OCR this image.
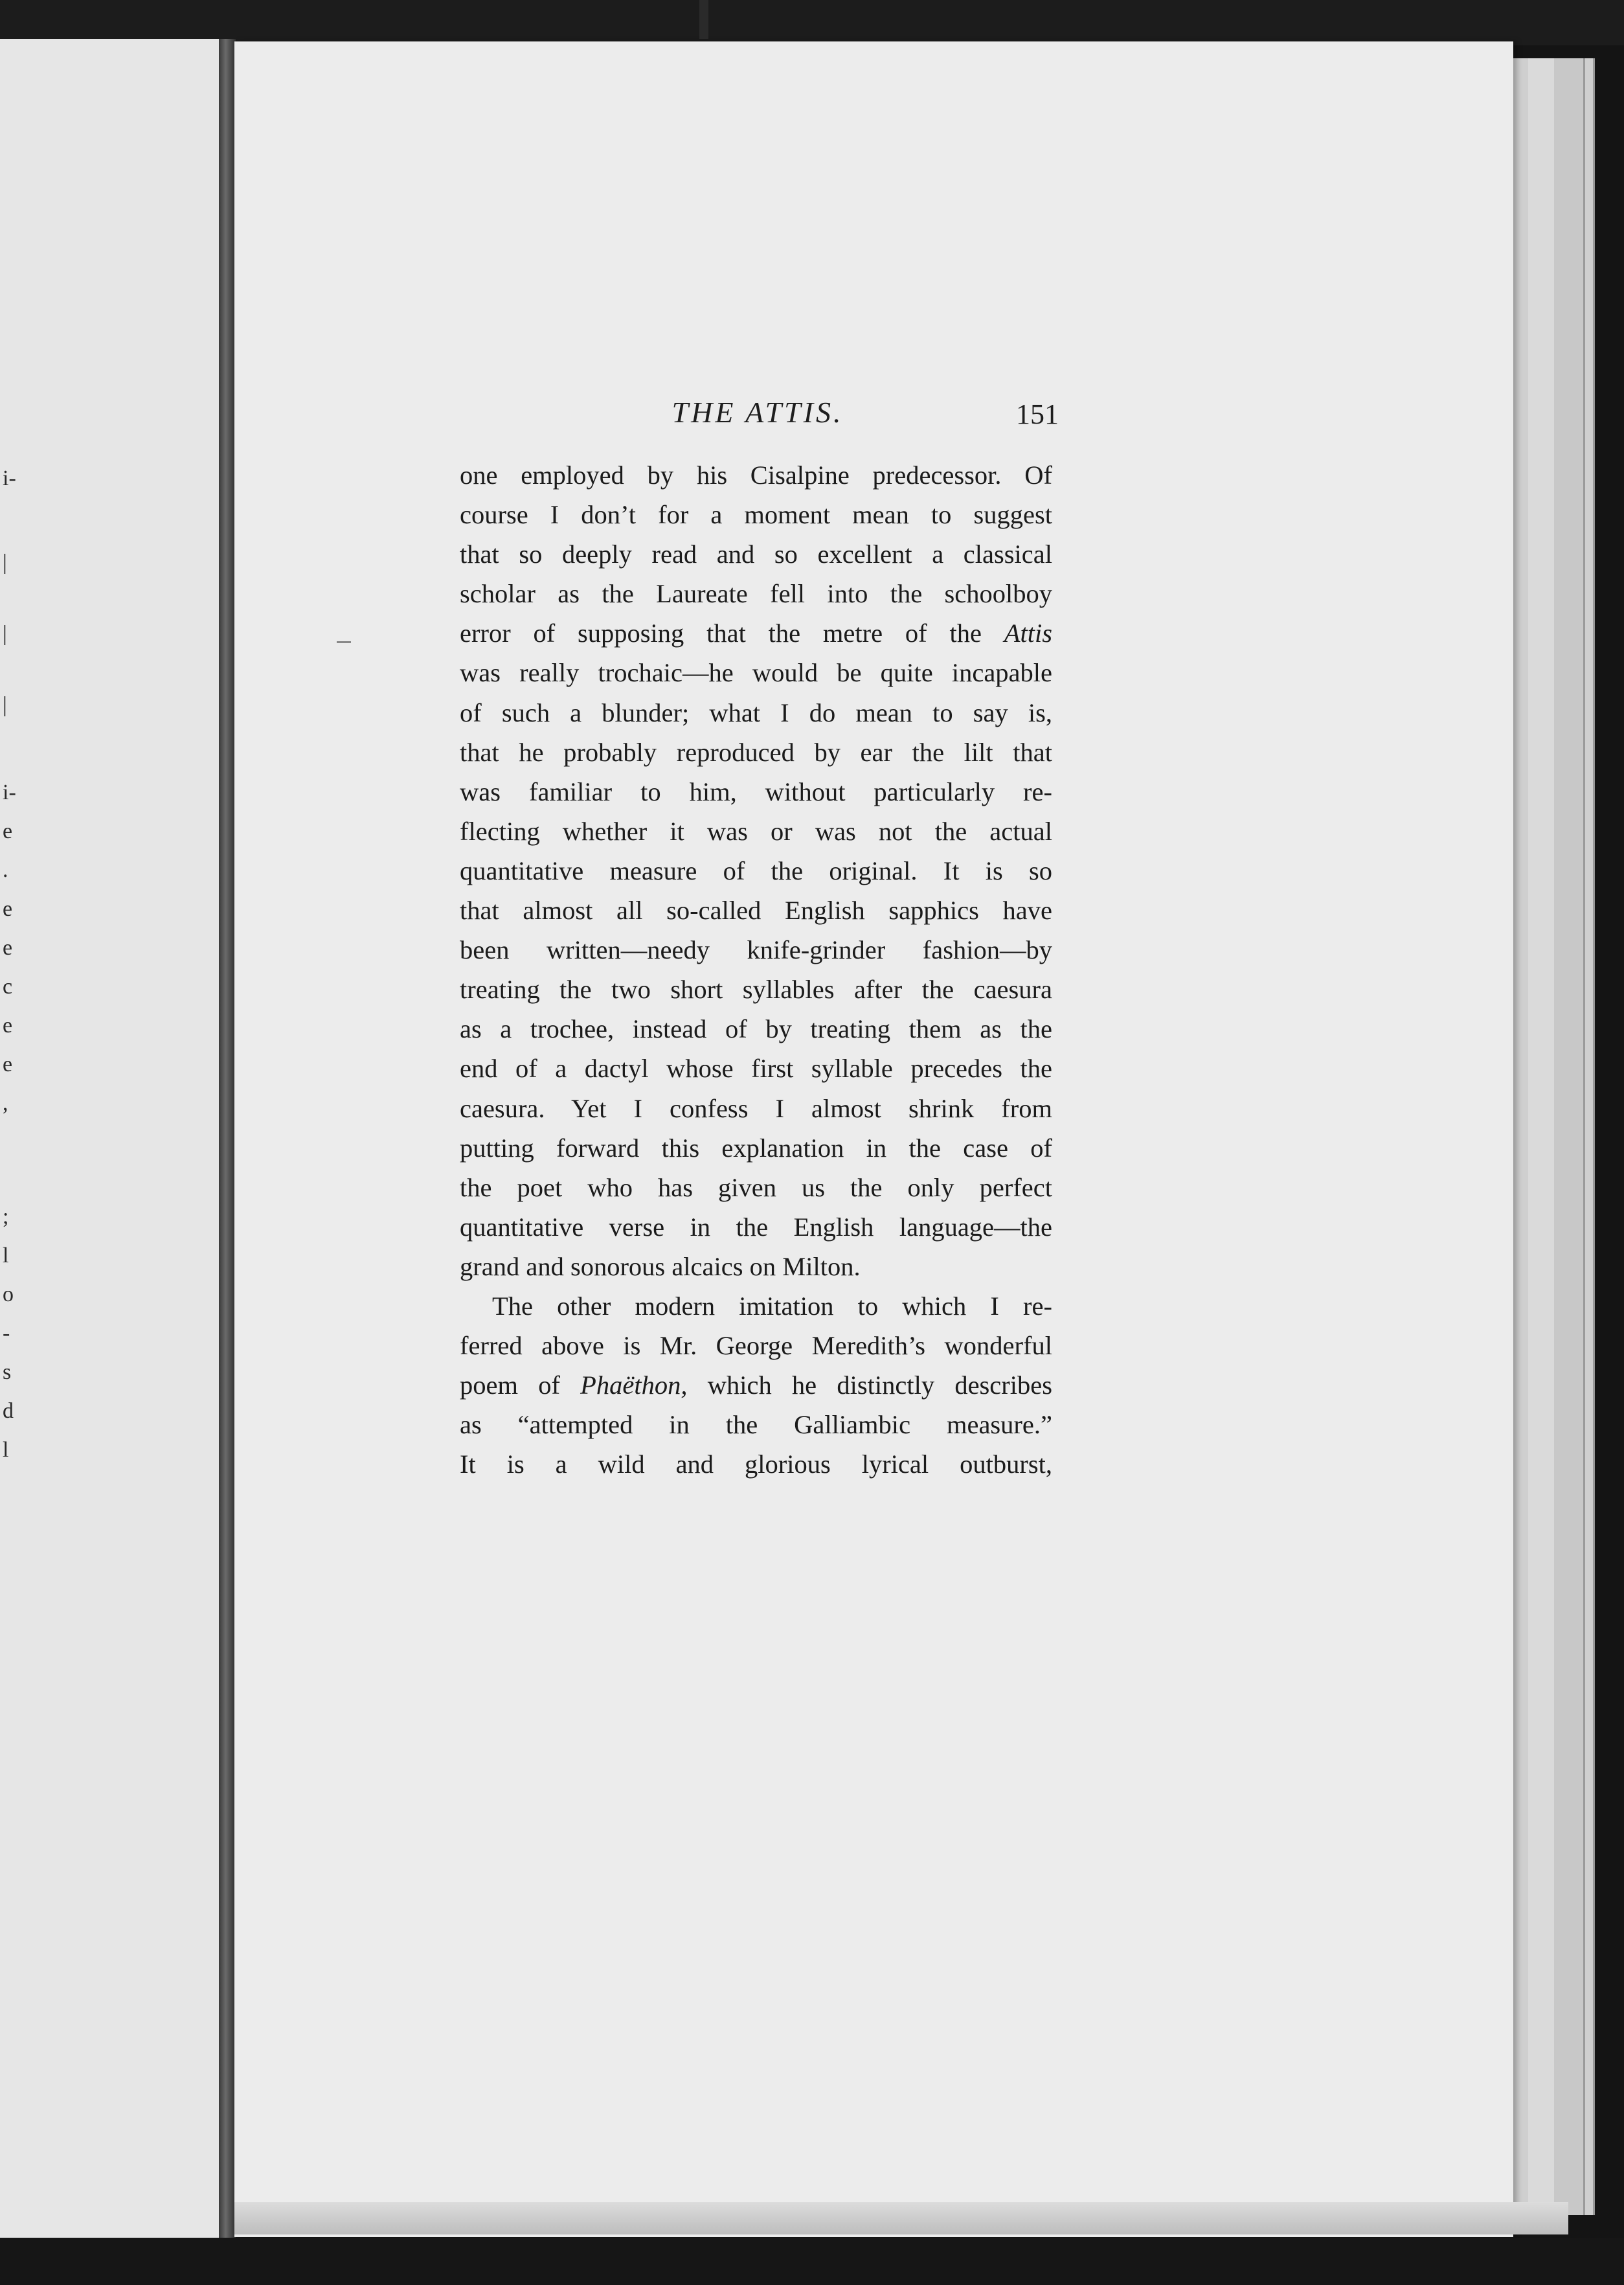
i-
|
|
|
i-
e
.
e
e
c
e
e
,
;
l
o
-
s
d
l
THE ATTIS.	151
one employed by his Cisalpine predecessor. Of
course I don’t for a moment mean to suggest
that so deeply read and so excellent a classical
scholar as the Laureate fell into the schoolboy
error of supposing that the metre of the Attis
was really trochaic—he would be quite incapable
of such a blunder; what I do mean to say is,
that he probably reproduced by ear the lilt that
was familiar to him, without particularly re-
flecting whether it was or was not the actual
quantitative measure of the original. It is so
that almost all so-called English sapphics have
been written—needy knife-grinder fashion—by
treating the two short syllables after the caesura
as a trochee, instead of by treating them as the
end of a dactyl whose first syllable precedes the
caesura. Yet I confess I almost shrink from
putting forward this explanation in the case of
the poet who has given us the only perfect
quantitative verse in the English language—the
grand and sonorous alcaics on Milton.
The other modern imitation to which I re-
ferred above is Mr. George Meredith’s wonderful
poem of Phaëthon, which he distinctly describes
as “attempted in the Galliambic measure.”
It is a wild and glorious lyrical outburst,
